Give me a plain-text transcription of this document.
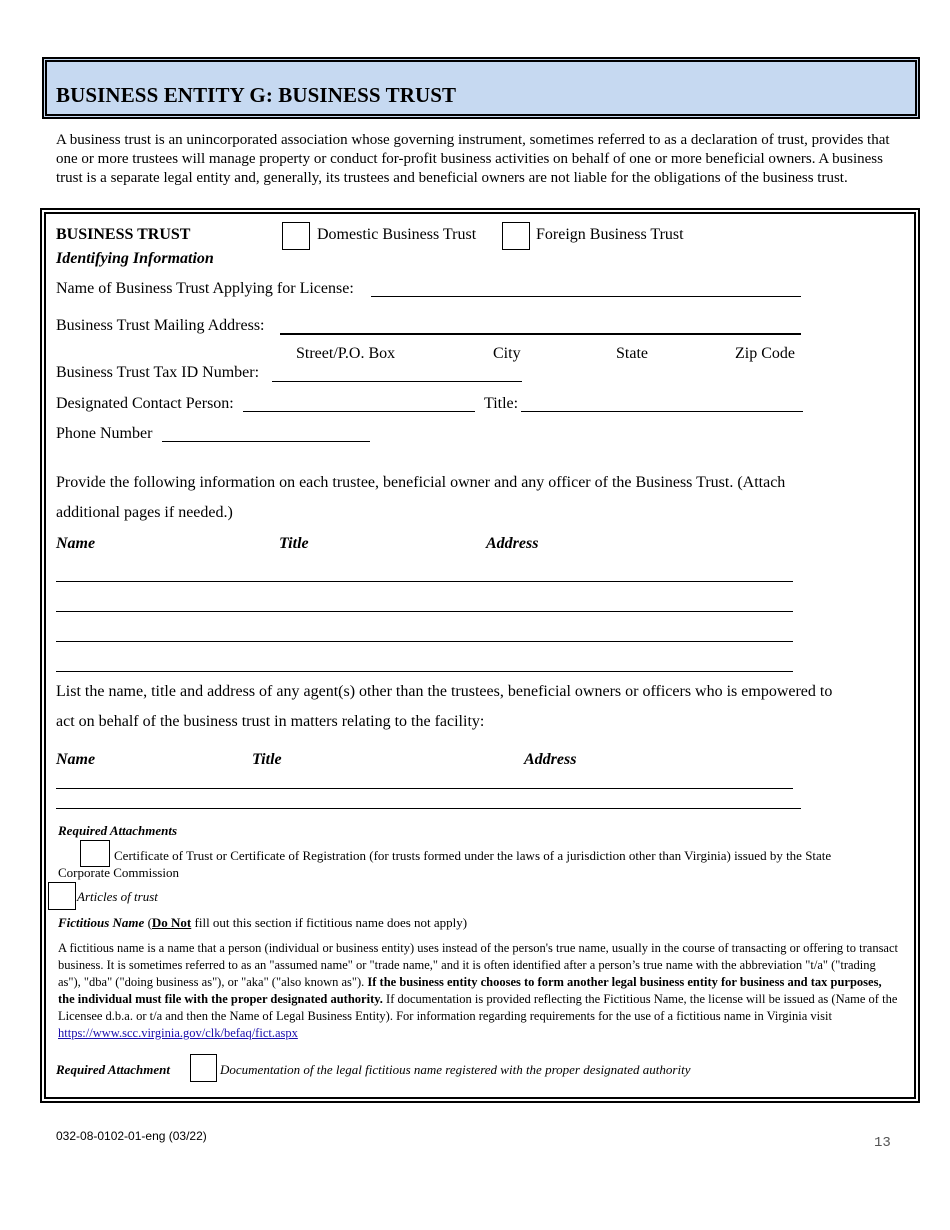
BUSINESS ENTITY G: BUSINESS TRUST
A business trust is an unincorporated association whose governing instrument, sometimes referred to as a declaration of trust, provides that one or more trustees will manage property or conduct for-profit business activities on behalf of one or more beneficial owners. A business trust is a separate legal entity and, generally, its trustees and beneficial owners are not liable for the obligations of the business trust.
BUSINESS TRUST
Identifying Information
Domestic Business Trust	Foreign Business Trust
Name of Business Trust Applying for License:
Business Trust Mailing Address:
Street/P.O. Box	City	State	Zip Code
Business Trust Tax ID Number:
Designated Contact Person:	Title:
Phone Number
Provide the following information on each trustee, beneficial owner and any officer of the Business Trust. (Attach
additional pages if needed.)
Name	Title	Address
List the name, title and address of any agent(s) other than the trustees, beneficial owners or officers who is empowered to
act on behalf of the business trust in matters relating to the facility:
Name	Title	Address
Required Attachments
Certificate of Trust or Certificate of Registration (for trusts formed under the laws of a jurisdiction other than Virginia) issued by the State
Corporate Commission
Articles of trust
Fictitious Name (Do Not fill out this section if fictitious name does not apply)
A fictitious name is a name that a person (individual or business entity) uses instead of the person's true name, usually in the course of transacting or offering to transact business. It is sometimes referred to as an "assumed name" or "trade name," and it is often identified after a person’s true name with the abbreviation "t/a" ("trading as"), "dba" ("doing business as"), or "aka" ("also known as"). If the business entity chooses to form another legal business entity for business and tax purposes, the individual must file with the proper designated authority. If documentation is provided reflecting the Fictitious Name, the license will be issued as (Name of the Licensee d.b.a. or t/a and then the Name of Legal Business Entity). For information regarding requirements for the use of a fictitious name in Virginia visit https://www.scc.virginia.gov/clk/befaq/fict.aspx
Required Attachment	Documentation of the legal fictitious name registered with the proper designated authority
032-08-0102-01-eng (03/22)	13
